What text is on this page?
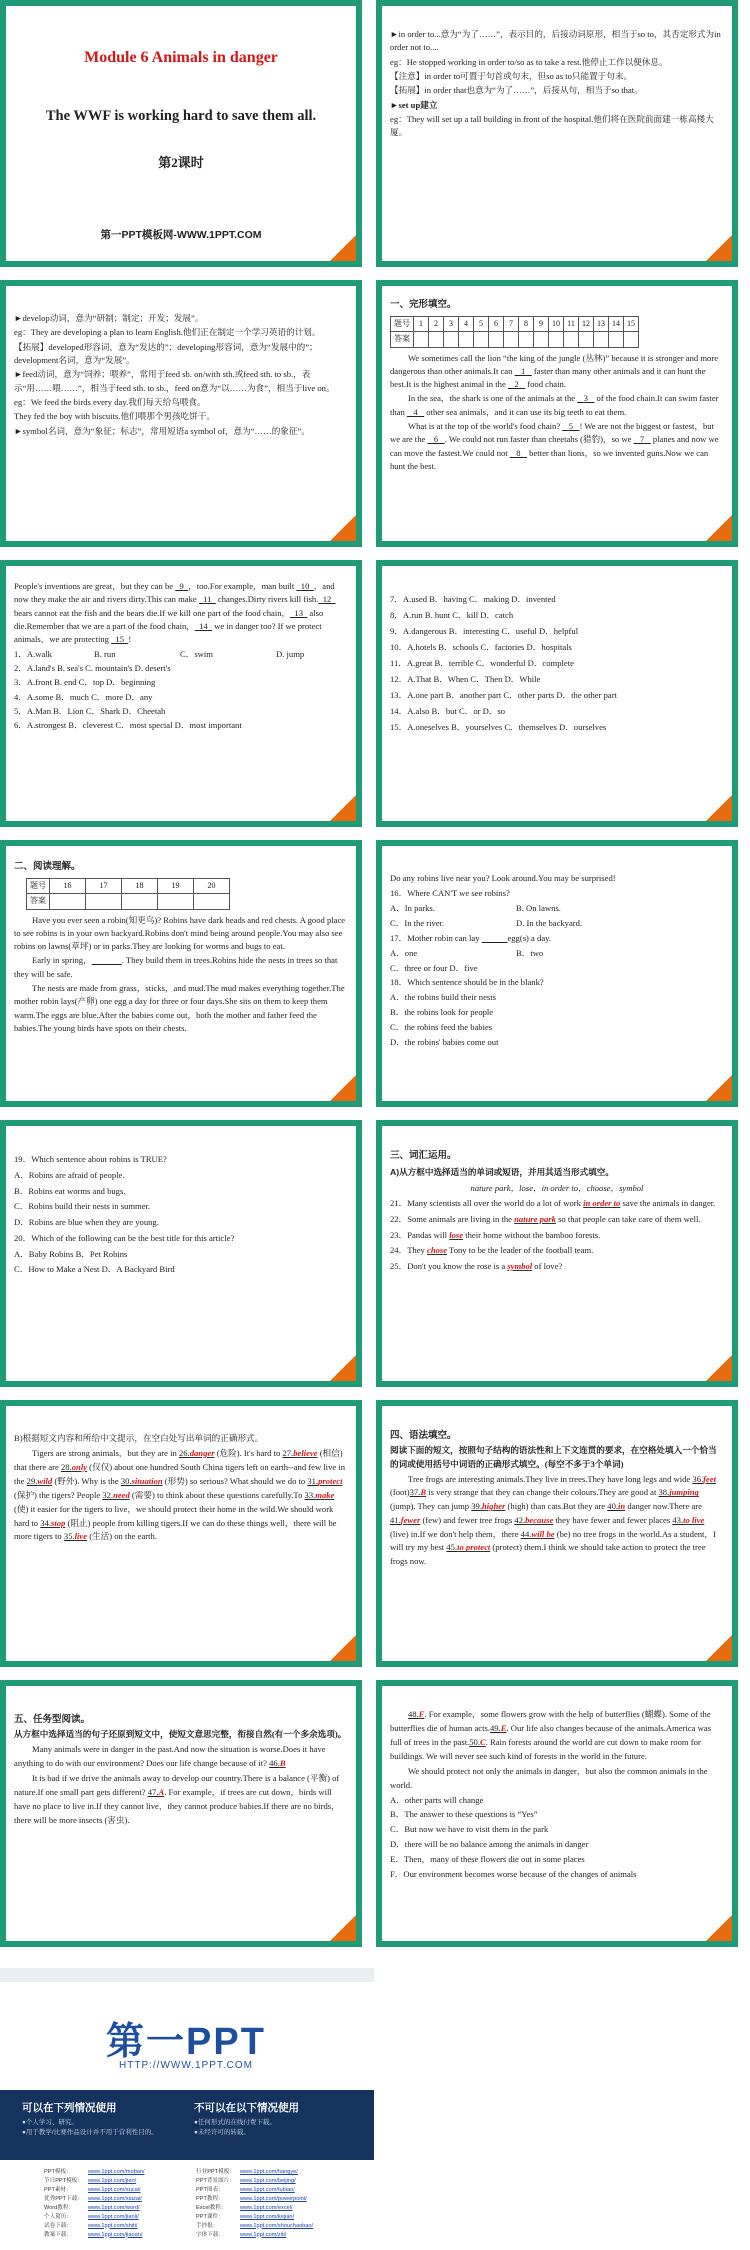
Module 6 Animals in danger
The WWF is working hard to save them all.
第2课时
第一PPT模板网-WWW.1PPT.COM

►in order to...意为“为了……”，表示目的，后接动词原形，相当于so to，其否定形式为in order not to....

eg：He stopped working in order to/so as to take a rest.他停止工作以便休息。

【注意】in order to可置于句首或句末，但so as to只能置于句末。

【拓展】in order that也意为“为了……”，后接从句，相当于so that。

►set up建立

eg：They will set up a tall building in front of the hospital.他们将在医院前面建一栋高楼大厦。

►develop动词，意为“研制；制定；开发；发展”。

eg：They are developing a plan to learn English.他们正在制定一个学习英语的计划。

【拓展】developed形容词，意为“发达的”；developing形容词，意为“发展中的”；development名词，意为“发展”。

►feed动词，意为“饲养；喂养”，常用于feed sb. on/with sth.或feed sth. to sb.，表示“用……喂……”，相当于feed sth. to sb.，feed on意为“以……为食”，相当于live on。

eg：We feed the birds every day.我们每天给鸟喂食。

They fed the boy with biscuits.他们喂那个男孩吃饼干。

►symbol名词，意为“象征；标志”，常用短语a symbol of，意为“……的象征”。

一、完形填空。

题号	1	2	3	4	5	6	7	8	9	10	11	12	13	14	15
答案															

We sometimes call the lion “the king of the jungle (丛林)” because it is stronger and more dangerous than other animals.It can    1    faster than many other animals and it can hunt the best.It is the highest animal in the    2    food chain.

In the sea，the shark is one of the animals at the    3    of the food chain.It can swim faster than    4    other sea animals，and it can use its big teeth to eat them.

What is at the top of the world's food chain?    5 ! We are not the biggest or fastest，but we are the    6 . We could not run faster than cheetahs (猎豹)，so we    7    planes and now we can move the fastest.We could not    8    better than lions，so we invented guns.Now we can hunt the best.

People's inventions are great，but they can be   9 ，too.For example，man built   10 ，and now they make the air and rivers dirty.This can make   11   changes.Dirty rivers kill fish. 12   bears cannot eat the fish and the bears die.If we kill one part of the food chain， 13   also die.Remember that we are a part of the food chain， 14   we in danger too? If we protect animals，we are protecting   15 !

1．A.walk	B. run	C．swim	D. jump

2．A.land's B. sea's C. mountain's D. desert's

3．A.front B. end C．top D．beginning

4．A.some B．much C．more D．any

5．A.Man B．Lion C．Shark D．Cheetah

6．A.strongest B．cleverest C．most special D．most important

7．A.used B．having C．making D．invented

8．A.run B. hunt C．kill D．catch

9．A.dangerous B．interesting C．useful D．helpful

10．A.hotels B．schools C．factories D．hospitals

11．A.great B．terrible C．wonderful D．complete

12．A.That B．When C．Then D．While

13．A.one part B．another part C．other parts D．the other part

14．A.also B．but C．or D．so

15．A.oneselves B．yourselves C．themselves D．ourselves

二、阅读理解。

题号	16	17	18	19	20
答案					

Have you ever seen a robin(知更鸟)? Robins have dark heads and red chests. A good place to see robins is in your own backyard.Robins don't mind being around people.You may also see robins on lawns(草坪) or in parks.They are looking for worms and bugs to eat.

Early in spring，	. They build them in trees.Robins hide the nests in trees so that they will be safe.

The nests are made from grass，sticks，and mud.The mud makes everything together.The mother robin lays(产卵) one egg a day for three or four days.She sits on them to keep them warm.The eggs are blue.After the babies come out，both the mother and father feed the babies.The young birds have spots on their chests.

Do any robins live near you? Look around.You may be surprised!

16．Where CAN'T we see robins?

A．In parks.	B. On lawns.

C．In the river.	D. In the backyard.

17．Mother robin can lay	egg(s) a day.

A．one	B．two

C．three or four D．five

18．Which sentence should be in the blank?

A．the robins build their nests

B．the robins look for people

C．the robins feed the babies

D．the robins' babies come out

19．Which sentence about robins is TRUE?

A．Robins are afraid of people.

B．Robins eat worms and bugs.

C．Robins build their nests in summer.

D．Robins are blue when they are young.

20．Which of the following can be the best title for this article?

A．Baby Robins B．Pet Robins

C．How to Make a Nest D．A Backyard Bird

三、词汇运用。

A)从方框中选择适当的单词或短语，并用其适当形式填空。

nature park，lose，in order to，choose，symbol

21．Many scientists all over the world do a lot of work in order to save the animals in danger.

22．Some animals are living in the nature park so that people can take care of them well.

23．Pandas will lose their home without the bamboo forests.

24．They chose Tony to be the leader of the football team.

25．Don't you know the rose is a symbol of love?

B)根据短文内容和所给中文提示，在空白处写出单词的正确形式。

Tigers are strong animals，but they are in 26.danger (危险). It's hard to 27.believe (相信) that there are 28.only (仅仅) about one hundred South China tigers left on earth--and few live in the 29.wild (野外). Why is the 30.situation (形势) so serious? What should we do to 31.protect (保护) the tigers? People 32.need (需要) to think about these questions carefully.To 33.make (使) it easier for the tigers to live，we should protect their home in the wild.We should work hard to 34.stop (阻止) people from killing tigers.If we can do these things well，there will be more tigers to 35.live (生活) on the earth.

四、语法填空。

阅读下面的短文，按照句子结构的语法性和上下文连贯的要求，在空格处填入一个恰当的词或使用括号中词语的正确形式填空。(每空不多于3个单词)

Tree frogs are interesting animals.They live in trees.They have long legs and wide 36.feet (foot)37.B is very strange that they can change their colours.They are good at 38.jumping (jump). They can jump 39.higher (high) than cats.But they are 40.in danger now.There are 41.fewer (few) and fewer tree frogs 42.because they have fewer and fewer places 43.to live (live) in.If we don't help them，there 44.will be (be) no tree frogs in the world.As a student，I will try my best 45.to protect (protect) them.I think we should take action to protect the tree frogs now.

五、任务型阅读。

从方框中选择适当的句子还原到短文中，使短文意思完整，衔接自然(有一个多余选项)。

Many animals were in danger in the past.And now the situation is worse.Does it have anything to do with our environment? Does our life change because of it? 46.B

It is bad if we drive the animals away to develop our country.There is a balance (平衡) of nature.If one small part gets different? 47.A. For example，if trees are cut down，birds will have no place to live in.If they cannot live，they cannot produce babies.If there are no birds，there will be more insects (害虫).

48.F. For example，some flowers grow with the help of butterflies (蝴蝶). Some of the butterflies die of human acts.49.E. Our life also changes because of the animals.America was full of trees in the past.50.C. Rain forests around the world are cut down to make room for buildings. We will never see such kind of forests in the world in the future.

We should protect not only the animals in danger，but also the common animals in the world.

A．other parts will change

B．The answer to these questions is “Yes”

C．But now we have to visit them in the park

D．there will be no balance among the animals in danger

E．Then，many of these flowers die out in some places

F．Our environment becomes worse because of the changes of animals

第一PPT
HTTP://WWW.1PPT.COM
可以在下列情况使用
●个人学习、研究。
●用于教学/比赛作品设计并不用于营利性目的。
不可以在以下情况使用
●任何形式的在线付费下载。
●未经许可的转载。
PPT模板：	www.1ppt.com/moban/
节日PPT模板： www.1ppt.com/jieri/
PPT素材：	www.1ppt.com/sucai/
优秀PPT下载： www.1ppt.com/xiazai/
Word教程： www.1ppt.com/word/
个人简历：	www.1ppt.com/jianli/
试卷下载：	www.1ppt.com/shiti/
教案下载：	www.1ppt.com/jiaoan/
行业PPT模板： www.1ppt.com/hangye/
PPT背景图片： www.1ppt.com/beijing/
PPT图表：	www.1ppt.com/tubiao/
PPT教程：	www.1ppt.com/powerpoint/
Excel教程： www.1ppt.com/excel/
PPT课件：	www.1ppt.com/kejian/
手抄报：	www.1ppt.com/shouchaobao/
字体下载：	www.1ppt.com/ziti/
